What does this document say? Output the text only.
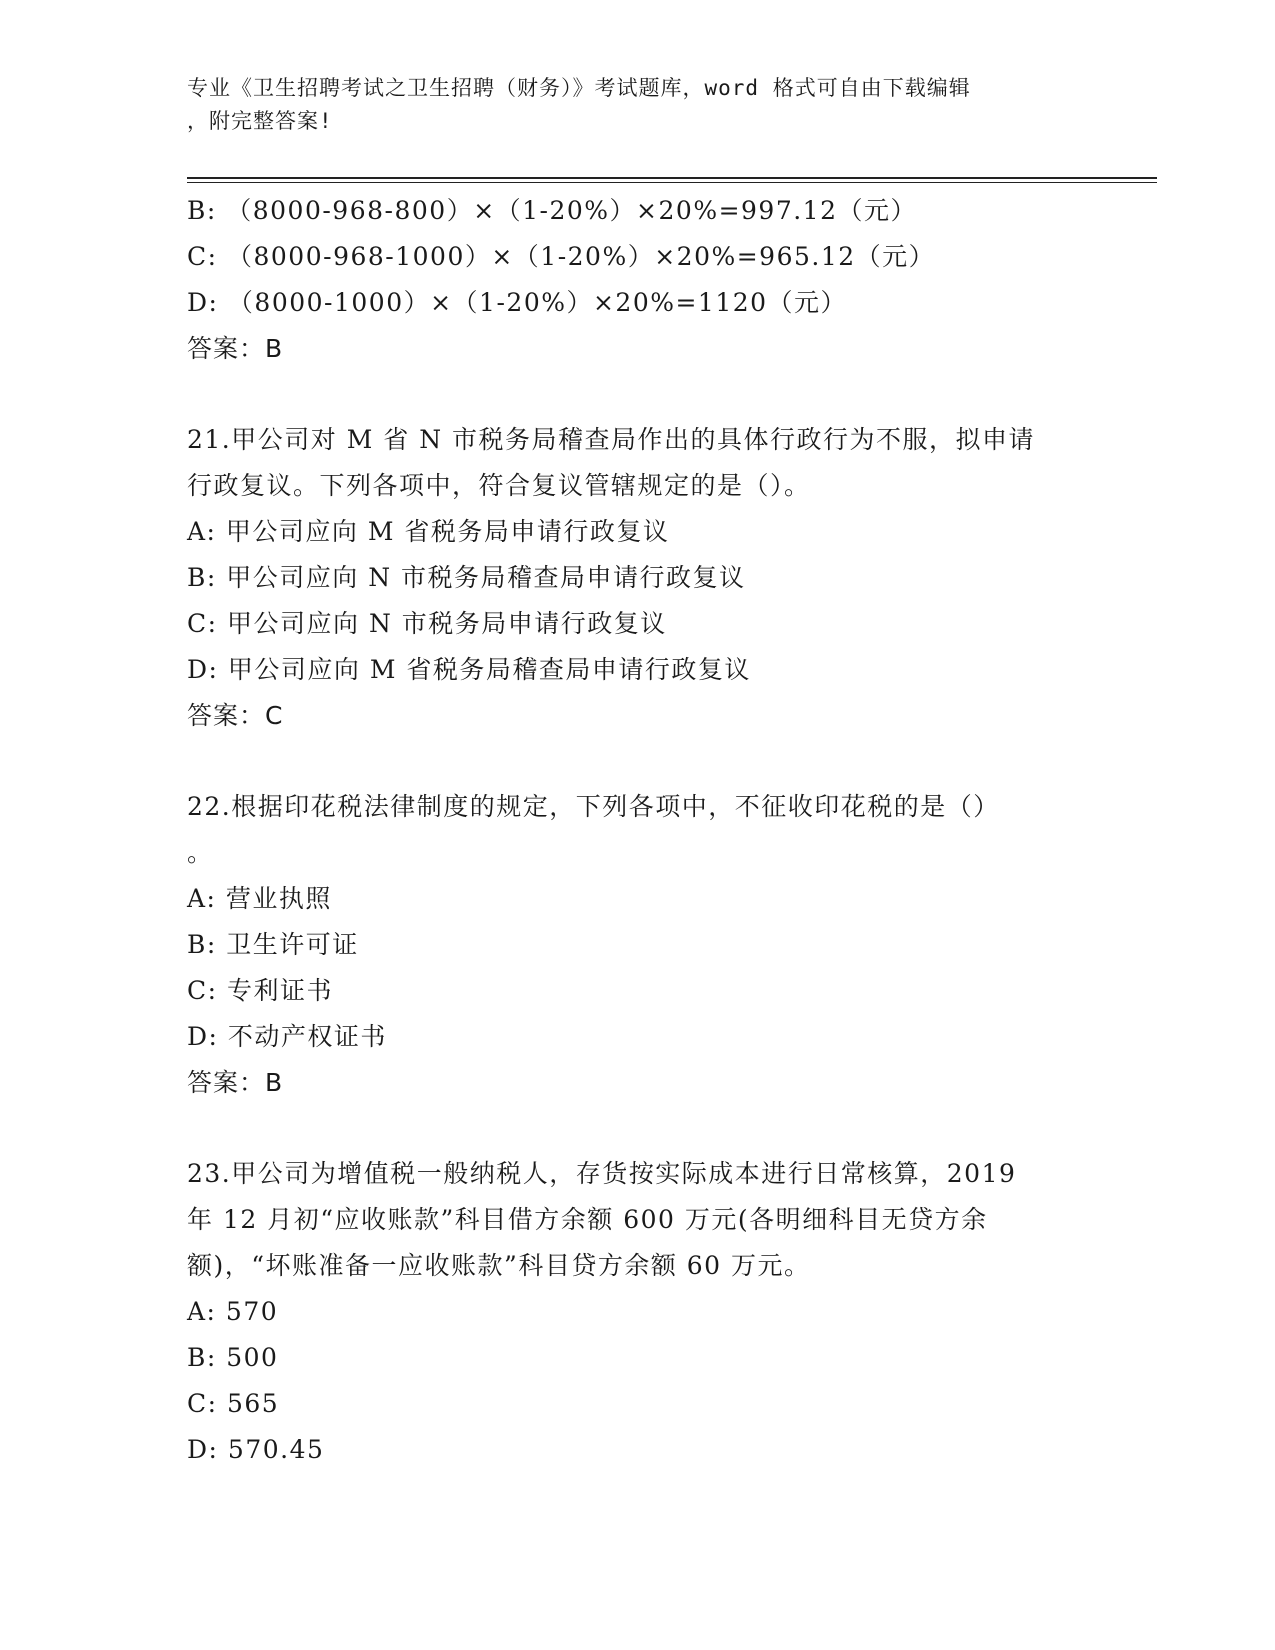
专业《卫生招聘考试之卫生招聘（财务）》考试题库，word 格式可自由下载编辑
，附完整答案!
B: （8000-968-800）×（1-20%）×20%=997.12（元）
C: （8000-968-1000）×（1-20%）×20%=965.12（元）
D: （8000-1000）×（1-20%）×20%=1120（元）
答案：B
21.甲公司对 M 省 N 市税务局稽查局作出的具体行政行为不服，拟申请
行政复议。下列各项中，符合复议管辖规定的是（）。
A: 甲公司应向 M 省税务局申请行政复议
B: 甲公司应向 N 市税务局稽查局申请行政复议
C: 甲公司应向 N 市税务局申请行政复议
D: 甲公司应向 M 省税务局稽查局申请行政复议
答案：C
22.根据印花税法律制度的规定，下列各项中，不征收印花税的是（）
。
A: 营业执照
B: 卫生许可证
C: 专利证书
D: 不动产权证书
答案：B
23.甲公司为增值税一般纳税人，存货按实际成本进行日常核算，2019
年 12 月初“应收账款”科目借方余额 600 万元(各明细科目无贷方余
额)，“坏账准备一应收账款”科目贷方余额 60 万元。
A: 570
B: 500
C: 565
D: 570.45
